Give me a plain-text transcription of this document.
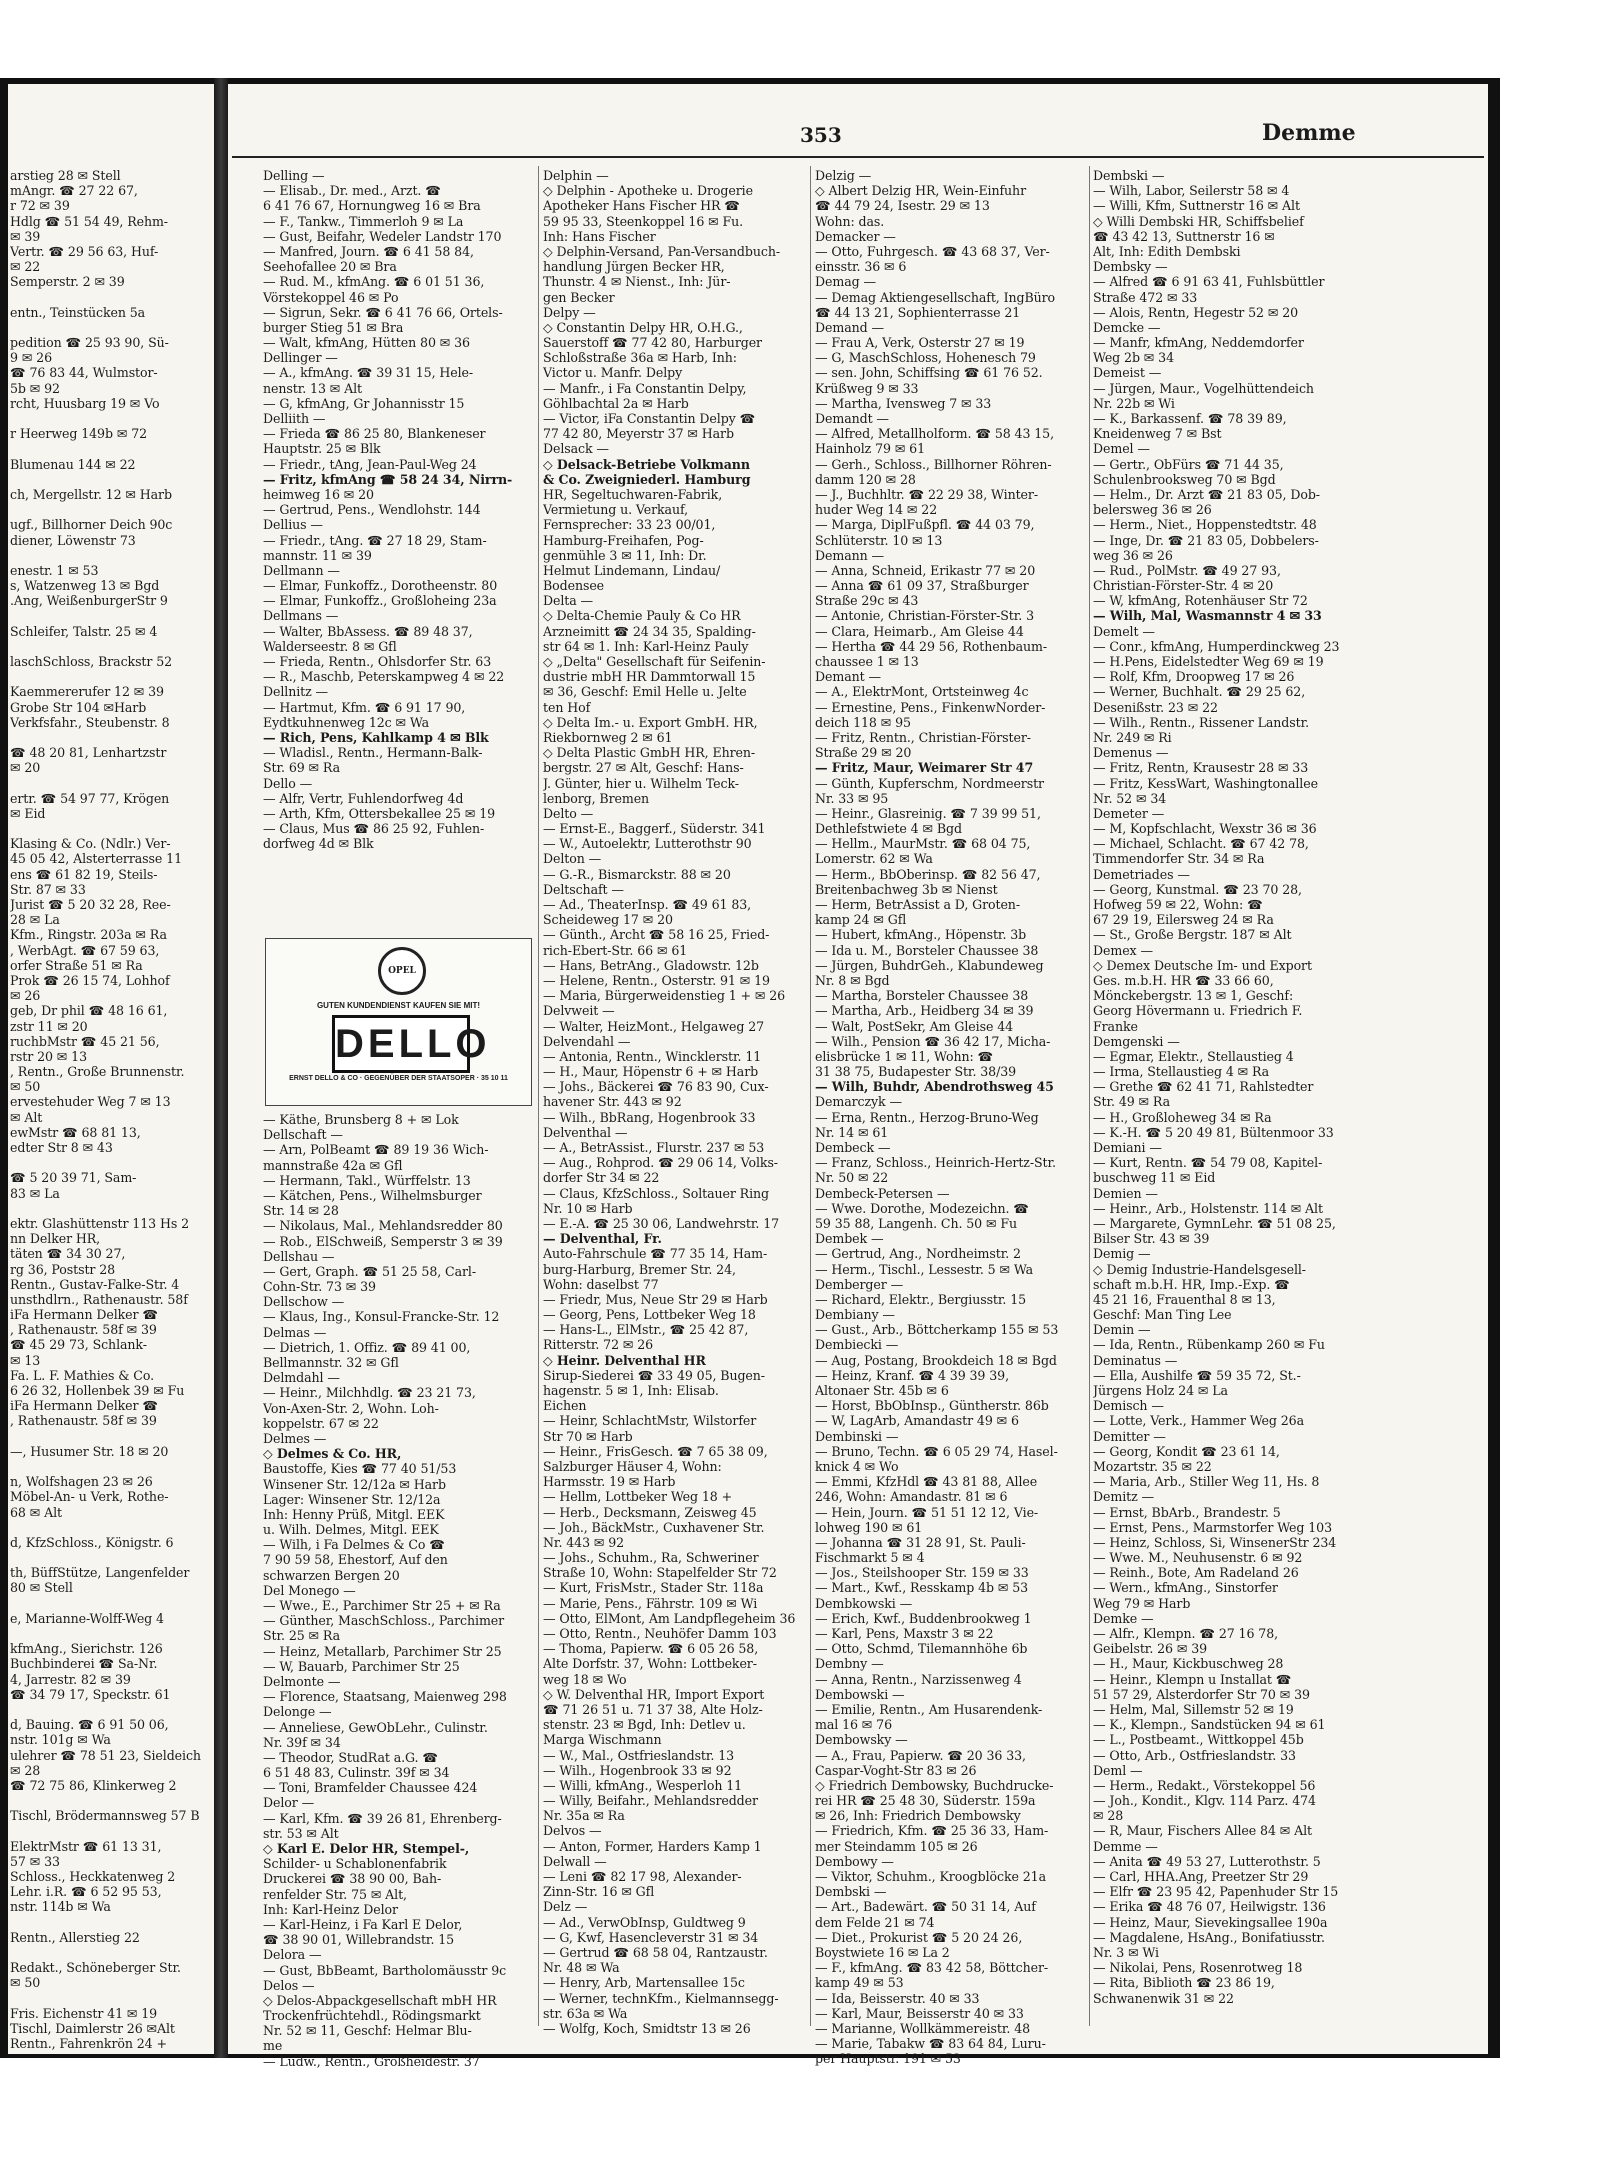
353	Demme
arstieg 28 ✉ Stell
mAngr. ☎ 27 22 67,
r 72 ✉ 39
Hdlg ☎ 51 54 49, Rehm-
✉ 39
Vertr. ☎ 29 56 63, Huf-
✉ 22
Semperstr. 2 ✉ 39
entn., Teinstücken 5a
pedition ☎ 25 93 90, Sü-
9 ✉ 26
☎ 76 83 44, Wulmstor-
5b ✉ 92
rcht, Huusbarg 19 ✉ Vo
r Heerweg 149b ✉ 72
Blumenau 144 ✉ 22
ch, Mergellstr. 12 ✉ Harb
ugf., Billhorner Deich 90c
diener, Löwenstr 73
enestr. 1 ✉ 53
s, Watzenweg 13 ✉ Bgd
.Ang, WeißenburgerStr 9
Schleifer, Talstr. 25 ✉ 4
laschSchloss, Brackstr 52
Kaemmererufer 12 ✉ 39
Grobe Str 104 ✉Harb
Verkfsfahr., Steubenstr. 8
☎ 48 20 81, Lenhartzstr
✉ 20
ertr. ☎ 54 97 77, Krögen
✉ Eid
Klasing & Co. (Ndlr.) Ver-
45 05 42, Alsterterrasse 11
ens ☎ 61 82 19, Steils-
Str. 87 ✉ 33
Jurist ☎ 5 20 32 28, Ree-
28 ✉ La
Kfm., Ringstr. 203a ✉ Ra
, WerbAgt. ☎ 67 59 63,
orfer Straße 51 ✉ Ra
Prok ☎ 26 15 74, Lohhof
✉ 26
geb, Dr phil ☎ 48 16 61,
zstr 11 ✉ 20
ruchbMstr ☎ 45 21 56,
rstr 20 ✉ 13
, Rentn., Große Brunnenstr.
✉ 50
ervestehuder Weg 7 ✉ 13
✉ Alt
ewMstr ☎ 68 81 13,
edter Str 8 ✉ 43
☎ 5 20 39 71, Sam-
83 ✉ La
ektr. Glashüttenstr 113 Hs 2
nn Delker HR,
täten ☎ 34 30 27,
rg 36, Poststr 28
Rentn., Gustav-Falke-Str. 4
unsthdlrn., Rathenaustr. 58f
iFa Hermann Delker ☎
, Rathenaustr. 58f ✉ 39
☎ 45 29 73, Schlank-
✉ 13
Fa. L. F. Mathies & Co.
6 26 32, Hollenbek 39 ✉ Fu
iFa Hermann Delker ☎
, Rathenaustr. 58f ✉ 39
—, Husumer Str. 18 ✉ 20
n, Wolfshagen 23 ✉ 26
Möbel-An- u Verk, Rothe-
68 ✉ Alt
d, KfzSchloss., Königstr. 6
th, BüffStütze, Langenfelder
80 ✉ Stell
e, Marianne-Wolff-Weg 4
kfmAng., Sierichstr. 126
Buchbinderei ☎ Sa-Nr.
4, Jarrestr. 82 ✉ 39
☎ 34 79 17, Speckstr. 61
d, Bauing. ☎ 6 91 50 06,
nstr. 101g ✉ Wa
ulehrer ☎ 78 51 23, Sieldeich
✉ 28
☎ 72 75 86, Klinkerweg 2
Tischl, Brödermannsweg 57 B
ElektrMstr ☎ 61 13 31,
57 ✉ 33
Schloss., Heckkatenweg 2
Lehr. i.R. ☎ 6 52 95 53,
nstr. 114b ✉ Wa
Rentn., Allerstieg 22
Redakt., Schöneberger Str.
✉ 50
Fris. Eichenstr 41 ✉ 19
Tischl, Daimlerstr 26 ✉Alt
Rentn., Fahrenkrön 24 +
Delling —
— Elisab., Dr. med., Arzt. ☎
6 41 76 67, Hornungweg 16 ✉ Bra
— F., Tankw., Timmerloh 9 ✉ La
— Gust, Beifahr, Wedeler Landstr 170
— Manfred, Journ. ☎ 6 41 58 84,
Seehofallee 20 ✉ Bra
— Rud. M., kfmAng. ☎ 6 01 51 36,
Vörstekoppel 46 ✉ Po
— Sigrun, Sekr. ☎ 6 41 76 66, Ortels-
burger Stieg 51 ✉ Bra
— Walt, kfmAng, Hütten 80 ✉ 36
Dellinger —
— A., kfmAng. ☎ 39 31 15, Hele-
nenstr. 13 ✉ Alt
— G, kfmAng, Gr Johannisstr 15
Delliith —
— Frieda ☎ 86 25 80, Blankeneser
Hauptstr. 25 ✉ Blk
— Friedr., tAng, Jean-Paul-Weg 24
— Fritz, kfmAng ☎ 58 24 34, Nirrn-
heimweg 16 ✉ 20
— Gertrud, Pens., Wendlohstr. 144
Dellius —
— Friedr., tAng. ☎ 27 18 29, Stam-
mannstr. 11 ✉ 39
Dellmann —
— Elmar, Funkoffz., Dorotheenstr. 80
— Elmar, Funkoffz., Großloheing 23a
Dellmans —
— Walter, BbAssess. ☎ 89 48 37,
Walderseestr. 8 ✉ Gfl
— Frieda, Rentn., Ohlsdorfer Str. 63
— R., Maschb, Peterskampweg 4 ✉ 22
Dellnitz —
— Hartmut, Kfm. ☎ 6 91 17 90,
Eydtkuhnenweg 12c ✉ Wa
— Rich, Pens, Kahlkamp 4 ✉ Blk
— Wladisl., Rentn., Hermann-Balk-
Str. 69 ✉ Ra
Dello —
— Alfr, Vertr, Fuhlendorfweg 4d
— Arth, Kfm, Ottersbekallee 25 ✉ 19
— Claus, Mus ☎ 86 25 92, Fuhlen-
dorfweg 4d ✉ Blk
— Käthe, Brunsberg 8 + ✉ Lok
Dellschaft —
— Arn, PolBeamt ☎ 89 19 36 Wich-
mannstraße 42a ✉ Gfl
— Hermann, Takl., Würffelstr. 13
— Kätchen, Pens., Wilhelmsburger
Str. 14 ✉ 28
— Nikolaus, Mal., Mehlandsredder 80
— Rob., ElSchweiß, Semperstr 3 ✉ 39
Dellshau —
— Gert, Graph. ☎ 51 25 58, Carl-
Cohn-Str. 73 ✉ 39
Dellschow —
— Klaus, Ing., Konsul-Francke-Str. 12
Delmas —
— Dietrich, 1. Offiz. ☎ 89 41 00,
Bellmannstr. 32 ✉ Gfl
Delmdahl —
— Heinr., Milchhdlg. ☎ 23 21 73,
Von-Axen-Str. 2, Wohn. Loh-
koppelstr. 67 ✉ 22
Delmes —
◇ Delmes & Co. HR,
Baustoffe, Kies ☎ 77 40 51/53
Winsener Str. 12/12a ✉ Harb
Lager: Winsener Str. 12/12a
Inh: Henny Prüß, Mitgl. EEK
u. Wilh. Delmes, Mitgl. EEK
— Wilh, i Fa Delmes & Co ☎
7 90 59 58, Ehestorf, Auf den
schwarzen Bergen 20
Del Monego —
— Wwe., E., Parchimer Str 25 + ✉ Ra
— Günther, MaschSchloss., Parchimer
Str. 25 ✉ Ra
— Heinz, Metallarb, Parchimer Str 25
— W, Bauarb, Parchimer Str 25
Delmonte —
— Florence, Staatsang, Maienweg 298
Delonge —
— Anneliese, GewObLehr., Culinstr.
Nr. 39f ✉ 34
— Theodor, StudRat a.G. ☎
6 51 48 83, Culinstr. 39f ✉ 34
— Toni, Bramfelder Chaussee 424
Delor —
— Karl, Kfm. ☎ 39 26 81, Ehrenberg-
str. 53 ✉ Alt
◇ Karl E. Delor HR, Stempel-,
Schilder- u Schablonenfabrik
Druckerei ☎ 38 90 00, Bah-
renfelder Str. 75 ✉ Alt,
Inh: Karl-Heinz Delor
— Karl-Heinz, i Fa Karl E Delor,
☎ 38 90 01, Willebrandstr. 15
Delora —
— Gust, BbBeamt, Bartholomäusstr 9c
Delos —
◇ Delos-Abpackgesellschaft mbH HR
Trockenfrüchtehdl., Rödingsmarkt
Nr. 52 ✉ 11, Geschf: Helmar Blu-
me
— Ludw., Rentn., Großheidestr. 37
Delphin —
◇ Delphin - Apotheke u. Drogerie
Apotheker Hans Fischer HR ☎
59 95 33, Steenkoppel 16 ✉ Fu.
Inh: Hans Fischer
◇ Delphin-Versand, Pan-Versandbuch-
handlung Jürgen Becker HR,
Thunstr. 4 ✉ Nienst., Inh: Jür-
gen Becker
Delpy —
◇ Constantin Delpy HR, O.H.G.,
Sauerstoff ☎ 77 42 80, Harburger
Schloßstraße 36a ✉ Harb, Inh:
Victor u. Manfr. Delpy
— Manfr., i Fa Constantin Delpy,
Göhlbachtal 2a ✉ Harb
— Victor, iFa Constantin Delpy ☎
77 42 80, Meyerstr 37 ✉ Harb
Delsack —
◇ Delsack-Betriebe Volkmann
& Co. Zweigniederl. Hamburg
HR, Segeltuchwaren-Fabrik,
Vermietung u. Verkauf,
Fernsprecher: 33 23 00/01,
Hamburg-Freihafen, Pog-
genmühle 3 ✉ 11, Inh: Dr.
Helmut Lindemann, Lindau/
Bodensee
Delta —
◇ Delta-Chemie Pauly & Co HR
Arzneimitt ☎ 24 34 35, Spalding-
str 64 ✉ 1. Inh: Karl-Heinz Pauly
◇ „Delta" Gesellschaft für Seifenin-
dustrie mbH HR Dammtorwall 15
✉ 36, Geschf: Emil Helle u. Jelte
ten Hof
◇ Delta Im.- u. Export GmbH. HR,
Riekbornweg 2 ✉ 61
◇ Delta Plastic GmbH HR, Ehren-
bergstr. 27 ✉ Alt, Geschf: Hans-
J. Günter, hier u. Wilhelm Teck-
lenborg, Bremen
Delto —
— Ernst-E., Baggerf., Süderstr. 341
— W., Autoelektr, Lutterothstr 90
Delton —
— G.-R., Bismarckstr. 88 ✉ 20
Deltschaft —
— Ad., TheaterInsp. ☎ 49 61 83,
Scheideweg 17 ✉ 20
— Günth., Archt ☎ 58 16 25, Fried-
rich-Ebert-Str. 66 ✉ 61
— Hans, BetrAng., Gladowstr. 12b
— Helene, Rentn., Osterstr. 91 ✉ 19
— Maria, Bürgerweidenstieg 1 + ✉ 26
Delvweit —
— Walter, HeizMont., Helgaweg 27
Delvendahl —
— Antonia, Rentn., Wincklerstr. 11
— H., Maur, Höpenstr 6 + ✉ Harb
— Johs., Bäckerei ☎ 76 83 90, Cux-
havener Str. 443 ✉ 92
— Wilh., BbRang, Hogenbrook 33
Delventhal —
— A., BetrAssist., Flurstr. 237 ✉ 53
— Aug., Rohprod. ☎ 29 06 14, Volks-
dorfer Str 34 ✉ 22
— Claus, KfzSchloss., Soltauer Ring
Nr. 10 ✉ Harb
— E.-A. ☎ 25 30 06, Landwehrstr. 17
— Delventhal, Fr.
Auto-Fahrschule ☎ 77 35 14, Ham-
burg-Harburg, Bremer Str. 24,
Wohn: daselbst 77
— Friedr, Mus, Neue Str 29 ✉ Harb
— Georg, Pens, Lottbeker Weg 18
— Hans-L., ElMstr., ☎ 25 42 87,
Ritterstr. 72 ✉ 26
◇ Heinr. Delventhal HR
Sirup-Siederei ☎ 33 49 05, Bugen-
hagenstr. 5 ✉ 1, Inh: Elisab.
Eichen
— Heinr, SchlachtMstr, Wilstorfer
Str 70 ✉ Harb
— Heinr., FrisGesch. ☎ 7 65 38 09,
Salzburger Häuser 4, Wohn:
Harmsstr. 19 ✉ Harb
— Hellm, Lottbeker Weg 18 +
— Herb., Decksmann, Zeisweg 45
— Joh., BäckMstr., Cuxhavener Str.
Nr. 443 ✉ 92
— Johs., Schuhm., Ra, Schweriner
Straße 10, Wohn: Stapelfelder Str 72
— Kurt, FrisMstr., Stader Str. 118a
— Marie, Pens., Fährstr. 109 ✉ Wi
— Otto, ElMont, Am Landpflegeheim 36
— Otto, Rentn., Neuhöfer Damm 103
— Thoma, Papierw. ☎ 6 05 26 58,
Alte Dorfstr. 37, Wohn: Lottbeker-
weg 18 ✉ Wo
◇ W. Delventhal HR, Import Export
☎ 71 26 51 u. 71 37 38, Alte Holz-
stenstr. 23 ✉ Bgd, Inh: Detlev u.
Marga Wischmann
— W., Mal., Ostfrieslandstr. 13
— Wilh., Hogenbrook 33 ✉ 92
— Willi, kfmAng., Wesperloh 11
— Willy, Beifahr., Mehlandsredder
Nr. 35a ✉ Ra
Delvos —
— Anton, Former, Harders Kamp 1
Delwall —
— Leni ☎ 82 17 98, Alexander-
Zinn-Str. 16 ✉ Gfl
Delz —
— Ad., VerwObInsp, Guldtweg 9
— G, Kwf, Hasencleverstr 31 ✉ 34
— Gertrud ☎ 68 58 04, Rantzaustr.
Nr. 48 ✉ Wa
— Henry, Arb, Martensallee 15c
— Werner, technKfm., Kielmannsegg-
str. 63a ✉ Wa
— Wolfg, Koch, Smidtstr 13 ✉ 26
Delzig —
◇ Albert Delzig HR, Wein-Einfuhr
☎ 44 79 24, Isestr. 29 ✉ 13
Wohn: das.
Demacker —
— Otto, Fuhrgesch. ☎ 43 68 37, Ver-
einsstr. 36 ✉ 6
Demag —
— Demag Aktiengesellschaft, IngBüro
☎ 44 13 21, Sophienterrasse 21
Demand —
— Frau A, Verk, Osterstr 27 ✉ 19
— G, MaschSchloss, Hohenesch 79
— sen. John, Schiffsing ☎ 61 76 52.
Krüßweg 9 ✉ 33
— Martha, Ivensweg 7 ✉ 33
Demandt —
— Alfred, Metallholform. ☎ 58 43 15,
Hainholz 79 ✉ 61
— Gerh., Schloss., Billhorner Röhren-
damm 120 ✉ 28
— J., Buchhltr. ☎ 22 29 38, Winter-
huder Weg 14 ✉ 22
— Marga, DiplFußpfl. ☎ 44 03 79,
Schlüterstr. 10 ✉ 13
Demann —
— Anna, Schneid, Erikastr 77 ✉ 20
— Anna ☎ 61 09 37, Straßburger
Straße 29c ✉ 43
— Antonie, Christian-Förster-Str. 3
— Clara, Heimarb., Am Gleise 44
— Hertha ☎ 44 29 56, Rothenbaum-
chaussee 1 ✉ 13
Demant —
— A., ElektrMont, Ortsteinweg 4c
— Ernestine, Pens., FinkenwNorder-
deich 118 ✉ 95
— Fritz, Rentn., Christian-Förster-
Straße 29 ✉ 20
— Fritz, Maur, Weimarer Str 47
— Günth, Kupferschm, Nordmeerstr
Nr. 33 ✉ 95
— Heinr., Glasreinig. ☎ 7 39 99 51,
Dethlefstwiete 4 ✉ Bgd
— Hellm., MaurMstr. ☎ 68 04 75,
Lomerstr. 62 ✉ Wa
— Herm., BbOberinsp. ☎ 82 56 47,
Breitenbachweg 3b ✉ Nienst
— Herm, BetrAssist a D, Groten-
kamp 24 ✉ Gfl
— Hubert, kfmAng., Höpenstr. 3b
— Ida u. M., Borsteler Chaussee 38
— Jürgen, BuhdrGeh., Klabundeweg
Nr. 8 ✉ Bgd
— Martha, Borsteler Chaussee 38
— Martha, Arb., Heidberg 34 ✉ 39
— Walt, PostSekr, Am Gleise 44
— Wilh., Pension ☎ 36 42 17, Micha-
elisbrücke 1 ✉ 11, Wohn: ☎
31 38 75, Budapester Str. 38/39
— Wilh, Buhdr, Abendrothsweg 45
Demarczyk —
— Erna, Rentn., Herzog-Bruno-Weg
Nr. 14 ✉ 61
Dembeck —
— Franz, Schloss., Heinrich-Hertz-Str.
Nr. 50 ✉ 22
Dembeck-Petersen —
— Wwe. Dorothe, Modezeichn. ☎
59 35 88, Langenh. Ch. 50 ✉ Fu
Dembek —
— Gertrud, Ang., Nordheimstr. 2
— Herm., Tischl., Lessestr. 5 ✉ Wa
Demberger —
— Richard, Elektr., Bergiusstr. 15
Dembiany —
— Gust., Arb., Böttcherkamp 155 ✉ 53
Dembiecki —
— Aug, Postang, Brookdeich 18 ✉ Bgd
— Heinz, Kranf. ☎ 4 39 39 39,
Altonaer Str. 45b ✉ 6
— Horst, BbObInsp., Güntherstr. 86b
— W, LagArb, Amandastr 49 ✉ 6
Dembinski —
— Bruno, Techn. ☎ 6 05 29 74, Hasel-
knick 4 ✉ Wo
— Emmi, KfzHdl ☎ 43 81 88, Allee
246, Wohn: Amandastr. 81 ✉ 6
— Hein, Journ. ☎ 51 51 12 12, Vie-
lohweg 190 ✉ 61
— Johanna ☎ 31 28 91, St. Pauli-
Fischmarkt 5 ✉ 4
— Jos., Steilshooper Str. 159 ✉ 33
— Mart., Kwf., Resskamp 4b ✉ 53
Dembkowski —
— Erich, Kwf., Buddenbrookweg 1
— Karl, Pens, Maxstr 3 ✉ 22
— Otto, Schmd, Tilemannhöhe 6b
Dembny —
— Anna, Rentn., Narzissenweg 4
Dembowski —
— Emilie, Rentn., Am Husarendenk-
mal 16 ✉ 76
Dembowsky —
— A., Frau, Papierw. ☎ 20 36 33,
Caspar-Voght-Str 83 ✉ 26
◇ Friedrich Dembowsky, Buchdrucke-
rei HR ☎ 25 48 30, Süderstr. 159a
✉ 26, Inh: Friedrich Dembowsky
— Friedrich, Kfm. ☎ 25 36 33, Ham-
mer Steindamm 105 ✉ 26
Dembowy —
— Viktor, Schuhm., Kroogblöcke 21a
Dembski —
— Art., Badewärt. ☎ 50 31 14, Auf
dem Felde 21 ✉ 74
— Diet., Prokurist ☎ 5 20 24 26,
Boystwiete 16 ✉ La 2
— F., kfmAng. ☎ 83 42 58, Böttcher-
kamp 49 ✉ 53
— Ida, Beisserstr. 40 ✉ 33
— Karl, Maur, Beisserstr 40 ✉ 33
— Marianne, Wollkämmereistr. 48
— Marie, Tabakw ☎ 83 64 84, Luru-
per Hauptstr. 191 ✉ 53
Dembski —
— Wilh, Labor, Seilerstr 58 ✉ 4
— Willi, Kfm, Suttnerstr 16 ✉ Alt
◇ Willi Dembski HR, Schiffsbelief
☎ 43 42 13, Suttnerstr 16 ✉
Alt, Inh: Edith Dembski
Dembsky —
— Alfred ☎ 6 91 63 41, Fuhlsbüttler
Straße 472 ✉ 33
— Alois, Rentn, Hegestr 52 ✉ 20
Demcke —
— Manfr, kfmAng, Neddemdorfer
Weg 2b ✉ 34
Demeist —
— Jürgen, Maur., Vogelhüttendeich
Nr. 22b ✉ Wi
— K., Barkassenf. ☎ 78 39 89,
Kneidenweg 7 ✉ Bst
Demel —
— Gertr., ObFürs ☎ 71 44 35,
Schulenbrooksweg 70 ✉ Bgd
— Helm., Dr. Arzt ☎ 21 83 05, Dob-
belersweg 36 ✉ 26
— Herm., Niet., Hoppenstedtstr. 48
— Inge, Dr. ☎ 21 83 05, Dobbelers-
weg 36 ✉ 26
— Rud., PolMstr. ☎ 49 27 93,
Christian-Förster-Str. 4 ✉ 20
— W, kfmAng, Rotenhäuser Str 72
— Wilh, Mal, Wasmannstr 4 ✉ 33
Demelt —
— Conr., kfmAng, Humperdinckweg 23
— H.Pens, Eidelstedter Weg 69 ✉ 19
— Rolf, Kfm, Droopweg 17 ✉ 26
— Werner, Buchhalt. ☎ 29 25 62,
Desenißstr. 23 ✉ 22
— Wilh., Rentn., Rissener Landstr.
Nr. 249 ✉ Ri
Demenus —
— Fritz, Rentn, Krausestr 28 ✉ 33
— Fritz, KessWart, Washingtonallee
Nr. 52 ✉ 34
Demeter —
— M, Kopfschlacht, Wexstr 36 ✉ 36
— Michael, Schlacht. ☎ 67 42 78,
Timmendorfer Str. 34 ✉ Ra
Demetriades —
— Georg, Kunstmal. ☎ 23 70 28,
Hofweg 59 ✉ 22, Wohn: ☎
67 29 19, Eilersweg 24 ✉ Ra
— St., Große Bergstr. 187 ✉ Alt
Demex —
◇ Demex Deutsche Im- und Export
Ges. m.b.H. HR ☎ 33 66 60,
Mönckebergstr. 13 ✉ 1, Geschf:
Georg Hövermann u. Friedrich F.
Franke
Demgenski —
— Egmar, Elektr., Stellaustieg 4
— Irma, Stellaustieg 4 ✉ Ra
— Grethe ☎ 62 41 71, Rahlstedter
Str. 49 ✉ Ra
— H., Großloheweg 34 ✉ Ra
— K.-H. ☎ 5 20 49 81, Bültenmoor 33
Demiani —
— Kurt, Rentn. ☎ 54 79 08, Kapitel-
buschweg 11 ✉ Eid
Demien —
— Heinr., Arb., Holstenstr. 114 ✉ Alt
— Margarete, GymnLehr. ☎ 51 08 25,
Bilser Str. 43 ✉ 39
Demig —
◇ Demig Industrie-Handelsgesell-
schaft m.b.H. HR, Imp.-Exp. ☎
45 21 16, Frauenthal 8 ✉ 13,
Geschf: Man Ting Lee
Demin —
— Ida, Rentn., Rübenkamp 260 ✉ Fu
Deminatus —
— Ella, Aushilfe ☎ 59 35 72, St.-
Jürgens Holz 24 ✉ La
Demisch —
— Lotte, Verk., Hammer Weg 26a
Demitter —
— Georg, Kondit ☎ 23 61 14,
Mozartstr. 35 ✉ 22
— Maria, Arb., Stiller Weg 11, Hs. 8
Demitz —
— Ernst, BbArb., Brandestr. 5
— Ernst, Pens., Marmstorfer Weg 103
— Heinz, Schloss, Si, WinsenerStr 234
— Wwe. M., Neuhusenstr. 6 ✉ 92
— Reinh., Bote, Am Radeland 26
— Wern., kfmAng., Sinstorfer
Weg 79 ✉ Harb
Demke —
— Alfr., Klempn. ☎ 27 16 78,
Geibelstr. 26 ✉ 39
— H., Maur, Kickbuschweg 28
— Heinr., Klempn u Installat ☎
51 57 29, Alsterdorfer Str 70 ✉ 39
— Helm, Mal, Sillemstr 52 ✉ 19
— K., Klempn., Sandstücken 94 ✉ 61
— L., Postbeamt., Wittkoppel 45b
— Otto, Arb., Ostfrieslandstr. 33
Deml —
— Herm., Redakt., Vörstekoppel 56
— Joh., Kondit., Klgv. 114 Parz. 474
✉ 28
— R, Maur, Fischers Allee 84 ✉ Alt
Demme —
— Anita ☎ 49 53 27, Lutterothstr. 5
— Carl, HHA.Ang, Preetzer Str 29
— Elfr ☎ 23 95 42, Papenhuder Str 15
— Erika ☎ 48 76 07, Heilwigstr. 136
— Heinz, Maur, Sievekingsallee 190a
— Magdalene, HsAng., Bonifatiusstr.
Nr. 3 ✉ Wi
— Nikolai, Pens, Rosenrotweg 18
— Rita, Biblioth ☎ 23 86 19,
Schwanenwik 31 ✉ 22
OPEL
GUTEN KUNDENDIENST KAUFEN SIE MIT!
DELLO
ERNST DELLO & CO · GEGENÜBER DER STAATSOPER · 35 10 11
